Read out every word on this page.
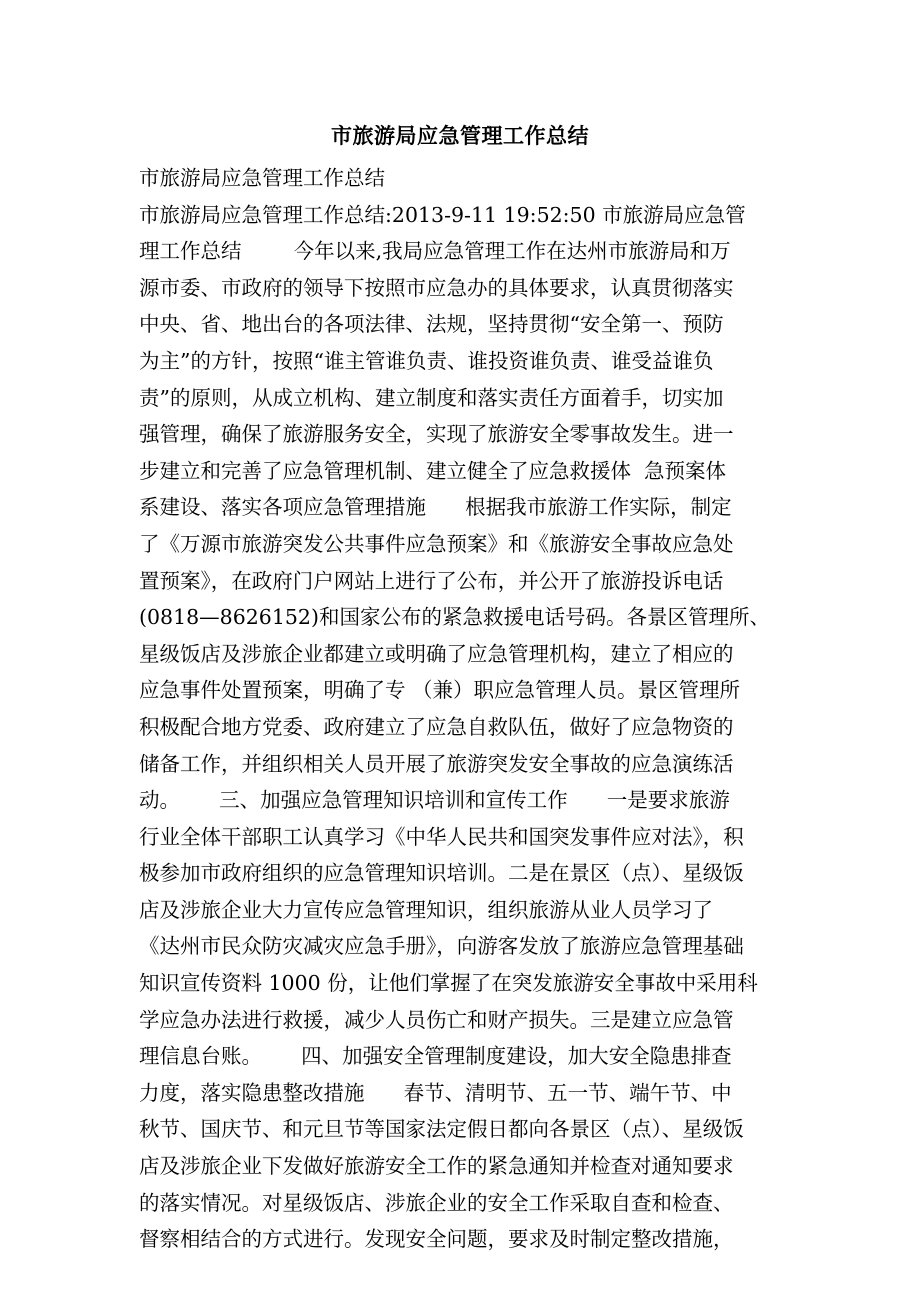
市旅游局应急管理工作总结
市旅游局应急管理工作总结
市旅游局应急管理工作总结:2013-9-11 19:52:50 市旅游局应急管
理工作总结        今年以来,我局应急管理工作在达州市旅游局和万
源市委、市政府的领导下按照市应急办的具体要求，认真贯彻落实
中央、省、地出台的各项法律、法规，坚持贯彻“安全第一、预防
为主”的方针，按照“谁主管谁负责、谁投资谁负责、谁受益谁负
责”的原则，从成立机构、建立制度和落实责任方面着手，切实加
强管理，确保了旅游服务安全，实现了旅游安全零事故发生。进一
步建立和完善了应急管理机制、建立健全了应急救援体  急预案体
系建设、落实各项应急管理措施      根据我市旅游工作实际，制定
了《万源市旅游突发公共事件应急预案》和《旅游安全事故应急处
置预案》，在政府门户网站上进行了公布，并公开了旅游投诉电话
(0818—8626152)和国家公布的紧急救援电话号码。各景区管理所、
星级饭店及涉旅企业都建立或明确了应急管理机构，建立了相应的
应急事件处置预案，明确了专 （兼）职应急管理人员。景区管理所
积极配合地方党委、政府建立了应急自救队伍，做好了应急物资的
储备工作，并组织相关人员开展了旅游突发安全事故的应急演练活
动。      三、加强应急管理知识培训和宣传工作      一是要求旅游
行业全体干部职工认真学习《中华人民共和国突发事件应对法》，积
极参加市政府组织的应急管理知识培训。二是在景区（点）、星级饭
店及涉旅企业大力宣传应急管理知识，组织旅游从业人员学习了
《达州市民众防灾减灾应急手册》，向游客发放了旅游应急管理基础
知识宣传资料 1000 份，让他们掌握了在突发旅游安全事故中采用科
学应急办法进行救援，减少人员伤亡和财产损失。三是建立应急管
理信息台账。      四、加强安全管理制度建设，加大安全隐患排查
力度，落实隐患整改措施      春节、清明节、五一节、端午节、中
秋节、国庆节、和元旦节等国家法定假日都向各景区（点）、星级饭
店及涉旅企业下发做好旅游安全工作的紧急通知并检查对通知要求
的落实情况。对星级饭店、涉旅企业的安全工作采取自查和检查、
督察相结合的方式进行。发现安全问题，要求及时制定整改措施，
